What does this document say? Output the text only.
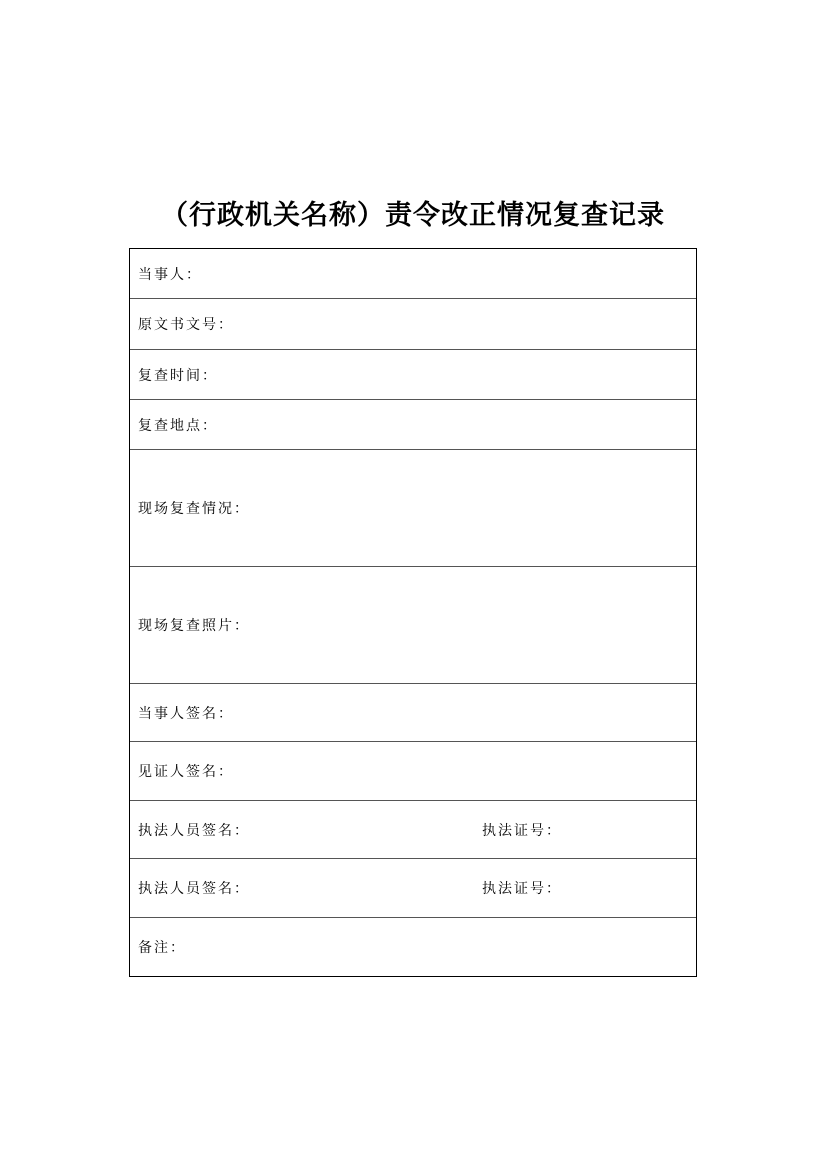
（行政机关名称）责令改正情况复查记录
当事人：
原文书文号：
复查时间：
复查地点：
现场复查情况：
现场复查照片：
当事人签名：
见证人签名：
执法人员签名：	执法证号：
执法人员签名：	执法证号：
备注：
